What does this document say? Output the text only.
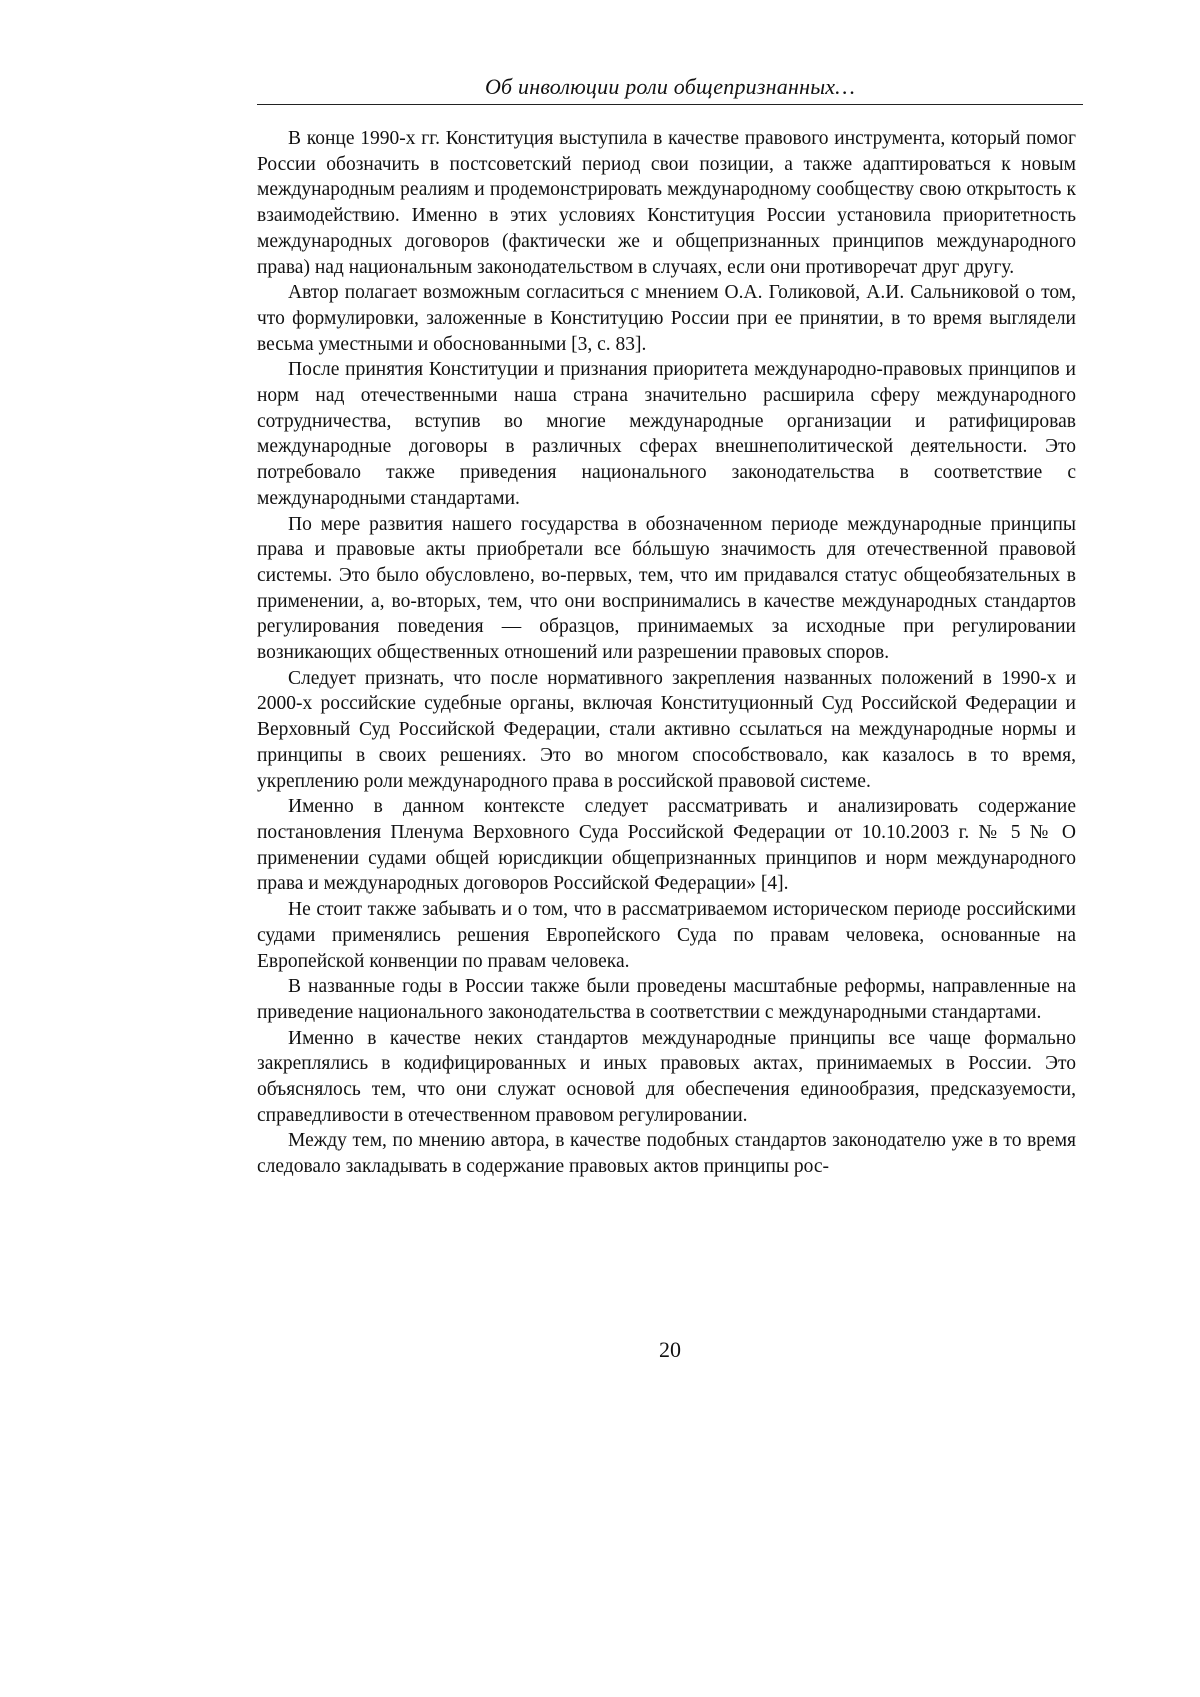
Об инволюции роли общепризнанных…

В конце 1990-х гг. Конституция выступила в качестве правового инструмента, который помог России обозначить в постсоветский период свои позиции, а также адаптироваться к новым международным реалиям и продемонстрировать междуна­родному сообществу свою открытость к взаимодействию. Именно в этих условиях Конституция России установила приоритетность международных договоров (фак­тически же и общепризнанных принципов международного права) над националь­ным законодательством в случаях, если они противоречат друг другу.

Автор полагает возможным согласиться с мнением О.А. Голиковой, А.И. Саль­никовой о том, что формулировки, заложенные в Конституцию России при ее при­нятии, в то время выглядели весьма уместными и обоснованными [3, с. 83].

После принятия Конституции и признания приоритета международно-правовых принципов и норм над отечественными наша страна значительно расширила сферу международного сотрудничества, вступив во многие международные организации и ратифицировав международные договоры в различных сферах внешнеполитической деятельности. Это потребовало также приведения национального законодательства в соответствие с международными стандартами.

По мере развития нашего государства в обозначенном периоде международные принципы права и правовые акты приобретали все бóльшую значимость для отече­ственной правовой системы. Это было обусловлено, во-первых, тем, что им прида­вался статус общеобязательных в применении, а, во-вторых, тем, что они воспри­нимались в качестве международных стандартов регулирования поведения — об­разцов, принимаемых за исходные при регулировании возникающих общественных отношений или разрешении правовых споров.

Следует признать, что после нормативного закрепления названных положений в 1990-х и 2000-х российские судебные органы, включая Конституционный Суд Рос­сийской Федерации и Верховный Суд Российской Федерации, стали активно ссы­латься на международные нормы и принципы в своих решениях. Это во многом способствовало, как казалось в то время, укреплению роли международного права в российской правовой системе.

Именно в данном контексте следует рассматривать и анализировать содержание постановления Пленума Верховного Суда Российской Федерации от 10.10.2003 г. № 5 № О применении судами общей юрисдикции общепризнанных принципов и норм международного права и международных договоров Российской Федерации» [4].

Не стоит также забывать и о том, что в рассматриваемом историческом периоде российскими судами применялись решения Европейского Суда по правам человека, основанные на Европейской конвенции по правам человека.

В названные годы в России также были проведены масштабные реформы, направленные на приведение национального законодательства в соответствии с международными стандартами.

Именно в качестве неких стандартов международные принципы все чаще фор­мально закреплялись в кодифицированных и иных правовых актах, принимаемых в России. Это объяснялось тем, что они служат основой для обеспечения единообра­зия, предсказуемости, справедливости в отечественном правовом регулировании.

Между тем, по мнению автора, в качестве подобных стандартов законодателю уже в то время следовало закладывать в содержание правовых актов принципы рос-

20
